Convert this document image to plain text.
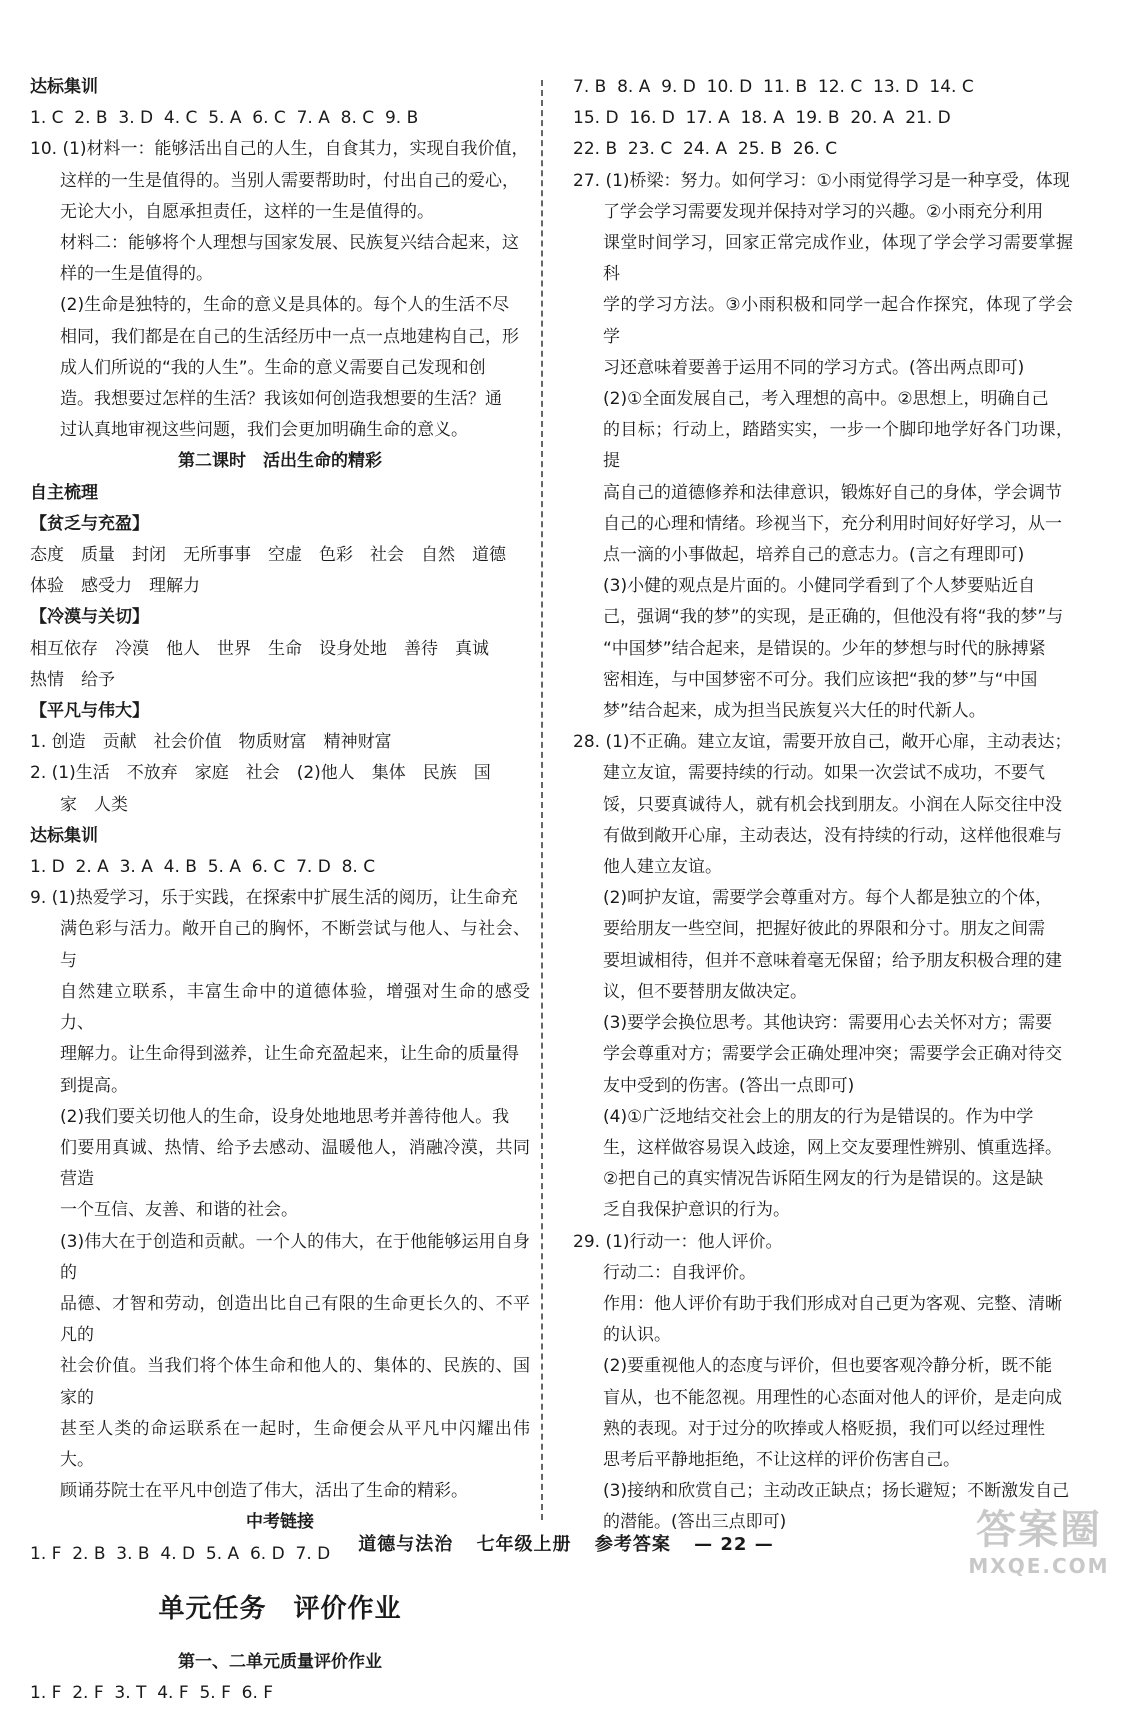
达标集训

1. C  2. B  3. D  4. C  5. A  6. C  7. A  8. C  9. B

10. (1)材料一：能够活出自己的人生，自食其力，实现自我价值，

这样的一生是值得的。当别人需要帮助时，付出自己的爱心，

无论大小，自愿承担责任，这样的一生是值得的。

材料二：能够将个人理想与国家发展、民族复兴结合起来，这

样的一生是值得的。

(2)生命是独特的，生命的意义是具体的。每个人的生活不尽

相同，我们都是在自己的生活经历中一点一点地建构自己，形

成人们所说的“我的人生”。生命的意义需要自己发现和创

造。我想要过怎样的生活？我该如何创造我想要的生活？通

过认真地审视这些问题，我们会更加明确生命的意义。

第二课时　活出生命的精彩

自主梳理

【贫乏与充盈】

态度　质量　封闭　无所事事　空虚　色彩　社会　自然　道德

体验　感受力　理解力

【冷漠与关切】

相互依存　冷漠　他人　世界　生命　设身处地　善待　真诚

热情　给予

【平凡与伟大】

1. 创造　贡献　社会价值　物质财富　精神财富

2. (1)生活　不放弃　家庭　社会　(2)他人　集体　民族　国

家　人类

达标集训

1. D  2. A  3. A  4. B  5. A  6. C  7. D  8. C

9. (1)热爱学习，乐于实践，在探索中扩展生活的阅历，让生命充

满色彩与活力。敞开自己的胸怀，不断尝试与他人、与社会、与

自然建立联系，丰富生命中的道德体验，增强对生命的感受力、

理解力。让生命得到滋养，让生命充盈起来，让生命的质量得

到提高。

(2)我们要关切他人的生命，设身处地地思考并善待他人。我

们要用真诚、热情、给予去感动、温暖他人，消融冷漠，共同营造

一个互信、友善、和谐的社会。

(3)伟大在于创造和贡献。一个人的伟大，在于他能够运用自身的

品德、才智和劳动，创造出比自己有限的生命更长久的、不平凡的

社会价值。当我们将个体生命和他人的、集体的、民族的、国家的

甚至人类的命运联系在一起时，生命便会从平凡中闪耀出伟大。

顾诵芬院士在平凡中创造了伟大，活出了生命的精彩。

中考链接

1. F  2. B  3. B  4. D  5. A  6. D  7. D

单元任务　评价作业

第一、二单元质量评价作业

1. F  2. F  3. T  4. F  5. F  6. F

7. B  8. A  9. D  10. D  11. B  12. C  13. D  14. C

15. D  16. D  17. A  18. A  19. B  20. A  21. D

22. B  23. C  24. A  25. B  26. C

27. (1)桥梁：努力。如何学习：①小雨觉得学习是一种享受，体现

了学会学习需要发现并保持对学习的兴趣。②小雨充分利用

课堂时间学习，回家正常完成作业，体现了学会学习需要掌握科

学的学习方法。③小雨积极和同学一起合作探究，体现了学会学

习还意味着要善于运用不同的学习方式。(答出两点即可)

(2)①全面发展自己，考入理想的高中。②思想上，明确自己

的目标；行动上，踏踏实实，一步一个脚印地学好各门功课，提

高自己的道德修养和法律意识，锻炼好自己的身体，学会调节

自己的心理和情绪。珍视当下，充分利用时间好好学习，从一

点一滴的小事做起，培养自己的意志力。(言之有理即可)

(3)小健的观点是片面的。小健同学看到了个人梦要贴近自

己，强调“我的梦”的实现，是正确的，但他没有将“我的梦”与

“中国梦”结合起来，是错误的。少年的梦想与时代的脉搏紧

密相连，与中国梦密不可分。我们应该把“我的梦”与“中国

梦”结合起来，成为担当民族复兴大任的时代新人。

28. (1)不正确。建立友谊，需要开放自己，敞开心扉，主动表达；

建立友谊，需要持续的行动。如果一次尝试不成功，不要气

馁，只要真诚待人，就有机会找到朋友。小润在人际交往中没

有做到敞开心扉，主动表达，没有持续的行动，这样他很难与

他人建立友谊。

(2)呵护友谊，需要学会尊重对方。每个人都是独立的个体，

要给朋友一些空间，把握好彼此的界限和分寸。朋友之间需

要坦诚相待，但并不意味着毫无保留；给予朋友积极合理的建

议，但不要替朋友做决定。

(3)要学会换位思考。其他诀窍：需要用心去关怀对方；需要

学会尊重对方；需要学会正确处理冲突；需要学会正确对待交

友中受到的伤害。(答出一点即可)

(4)①广泛地结交社会上的朋友的行为是错误的。作为中学

生，这样做容易误入歧途，网上交友要理性辨别、慎重选择。

②把自己的真实情况告诉陌生网友的行为是错误的。这是缺

乏自我保护意识的行为。

29. (1)行动一：他人评价。

行动二：自我评价。

作用：他人评价有助于我们形成对自己更为客观、完整、清晰

的认识。

(2)要重视他人的态度与评价，但也要客观冷静分析，既不能

盲从，也不能忽视。用理性的心态面对他人的评价，是走向成

熟的表现。对于过分的吹捧或人格贬损，我们可以经过理性

思考后平静地拒绝，不让这样的评价伤害自己。

(3)接纳和欣赏自己；主动改正缺点；扬长避短；不断激发自己

的潜能。(答出三点即可)

道德与法治 七年级上册 参考答案 — 22 —	答案圈
MXQE.COM
